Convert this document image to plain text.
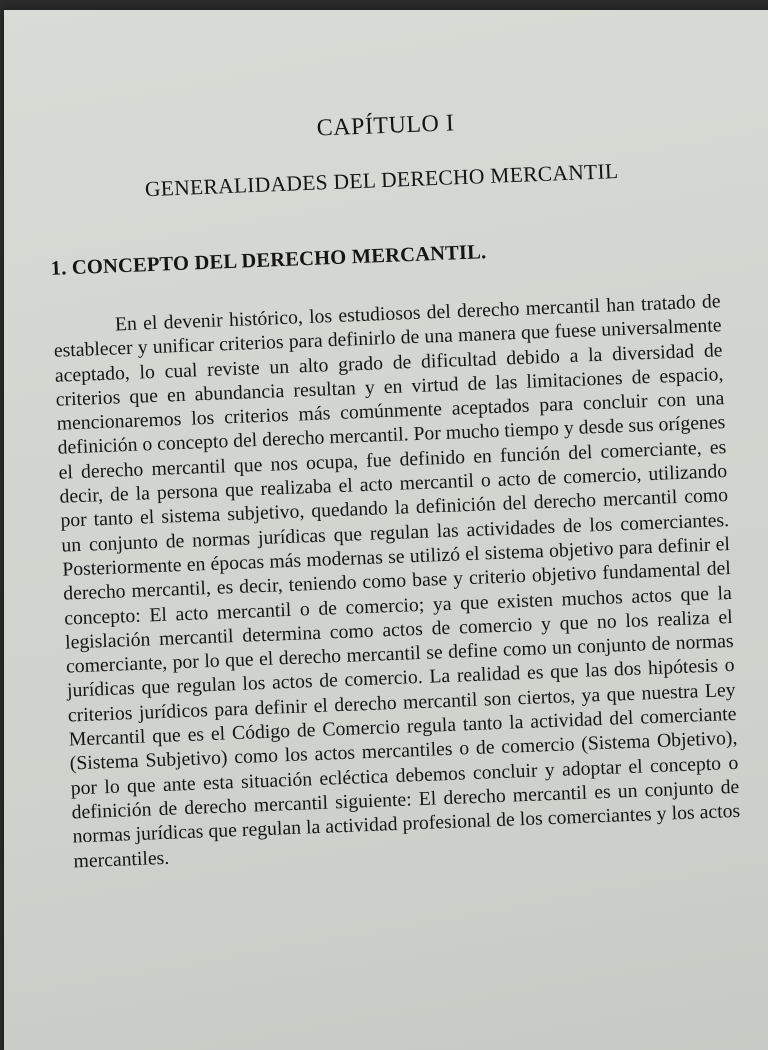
CAPÍTULO I
GENERALIDADES DEL DERECHO MERCANTIL
1. CONCEPTO DEL DERECHO MERCANTIL.

En el devenir histórico, los estudiosos del derecho mercantil han tratado de establecer y unificar criterios para definirlo de una manera que fuese universalmente aceptado, lo cual reviste un alto grado de dificultad debido a la diversidad de criterios que en abundancia resultan y en virtud de las limitaciones de espacio, mencionaremos los criterios más comúnmente aceptados para concluir con una definición o concepto del derecho mercantil. Por mucho tiempo y desde sus orígenes el derecho mercantil que nos ocupa, fue definido en función del comerciante, es decir, de la persona que realizaba el acto mercantil o acto de comercio, utilizando por tanto el sistema subjetivo, quedando la definición del derecho mercantil como un conjunto de normas jurídicas que regulan las actividades de los comerciantes. Posteriormente en épocas más modernas se utilizó el sistema objetivo para definir el derecho mercantil, es decir, teniendo como base y criterio objetivo fundamental del concepto: El acto mercantil o de comercio; ya que existen muchos actos que la legislación mercantil determina como actos de comercio y que no los realiza el comerciante, por lo que el derecho mercantil se define como un conjunto de normas jurídicas que regulan los actos de comercio. La realidad es que las dos hipótesis o criterios jurídicos para definir el derecho mercantil son ciertos, ya que nuestra Ley Mercantil que es el Código de Comercio regula tanto la actividad del comerciante (Sistema Subjetivo) como los actos mercantiles o de comercio (Sistema Objetivo), por lo que ante esta situación ecléctica debemos concluir y adoptar el concepto o definición de derecho mercantil siguiente: El derecho mercantil es un conjunto de normas jurídicas que regulan la actividad profesional de los comerciantes y los actos mercantiles.
